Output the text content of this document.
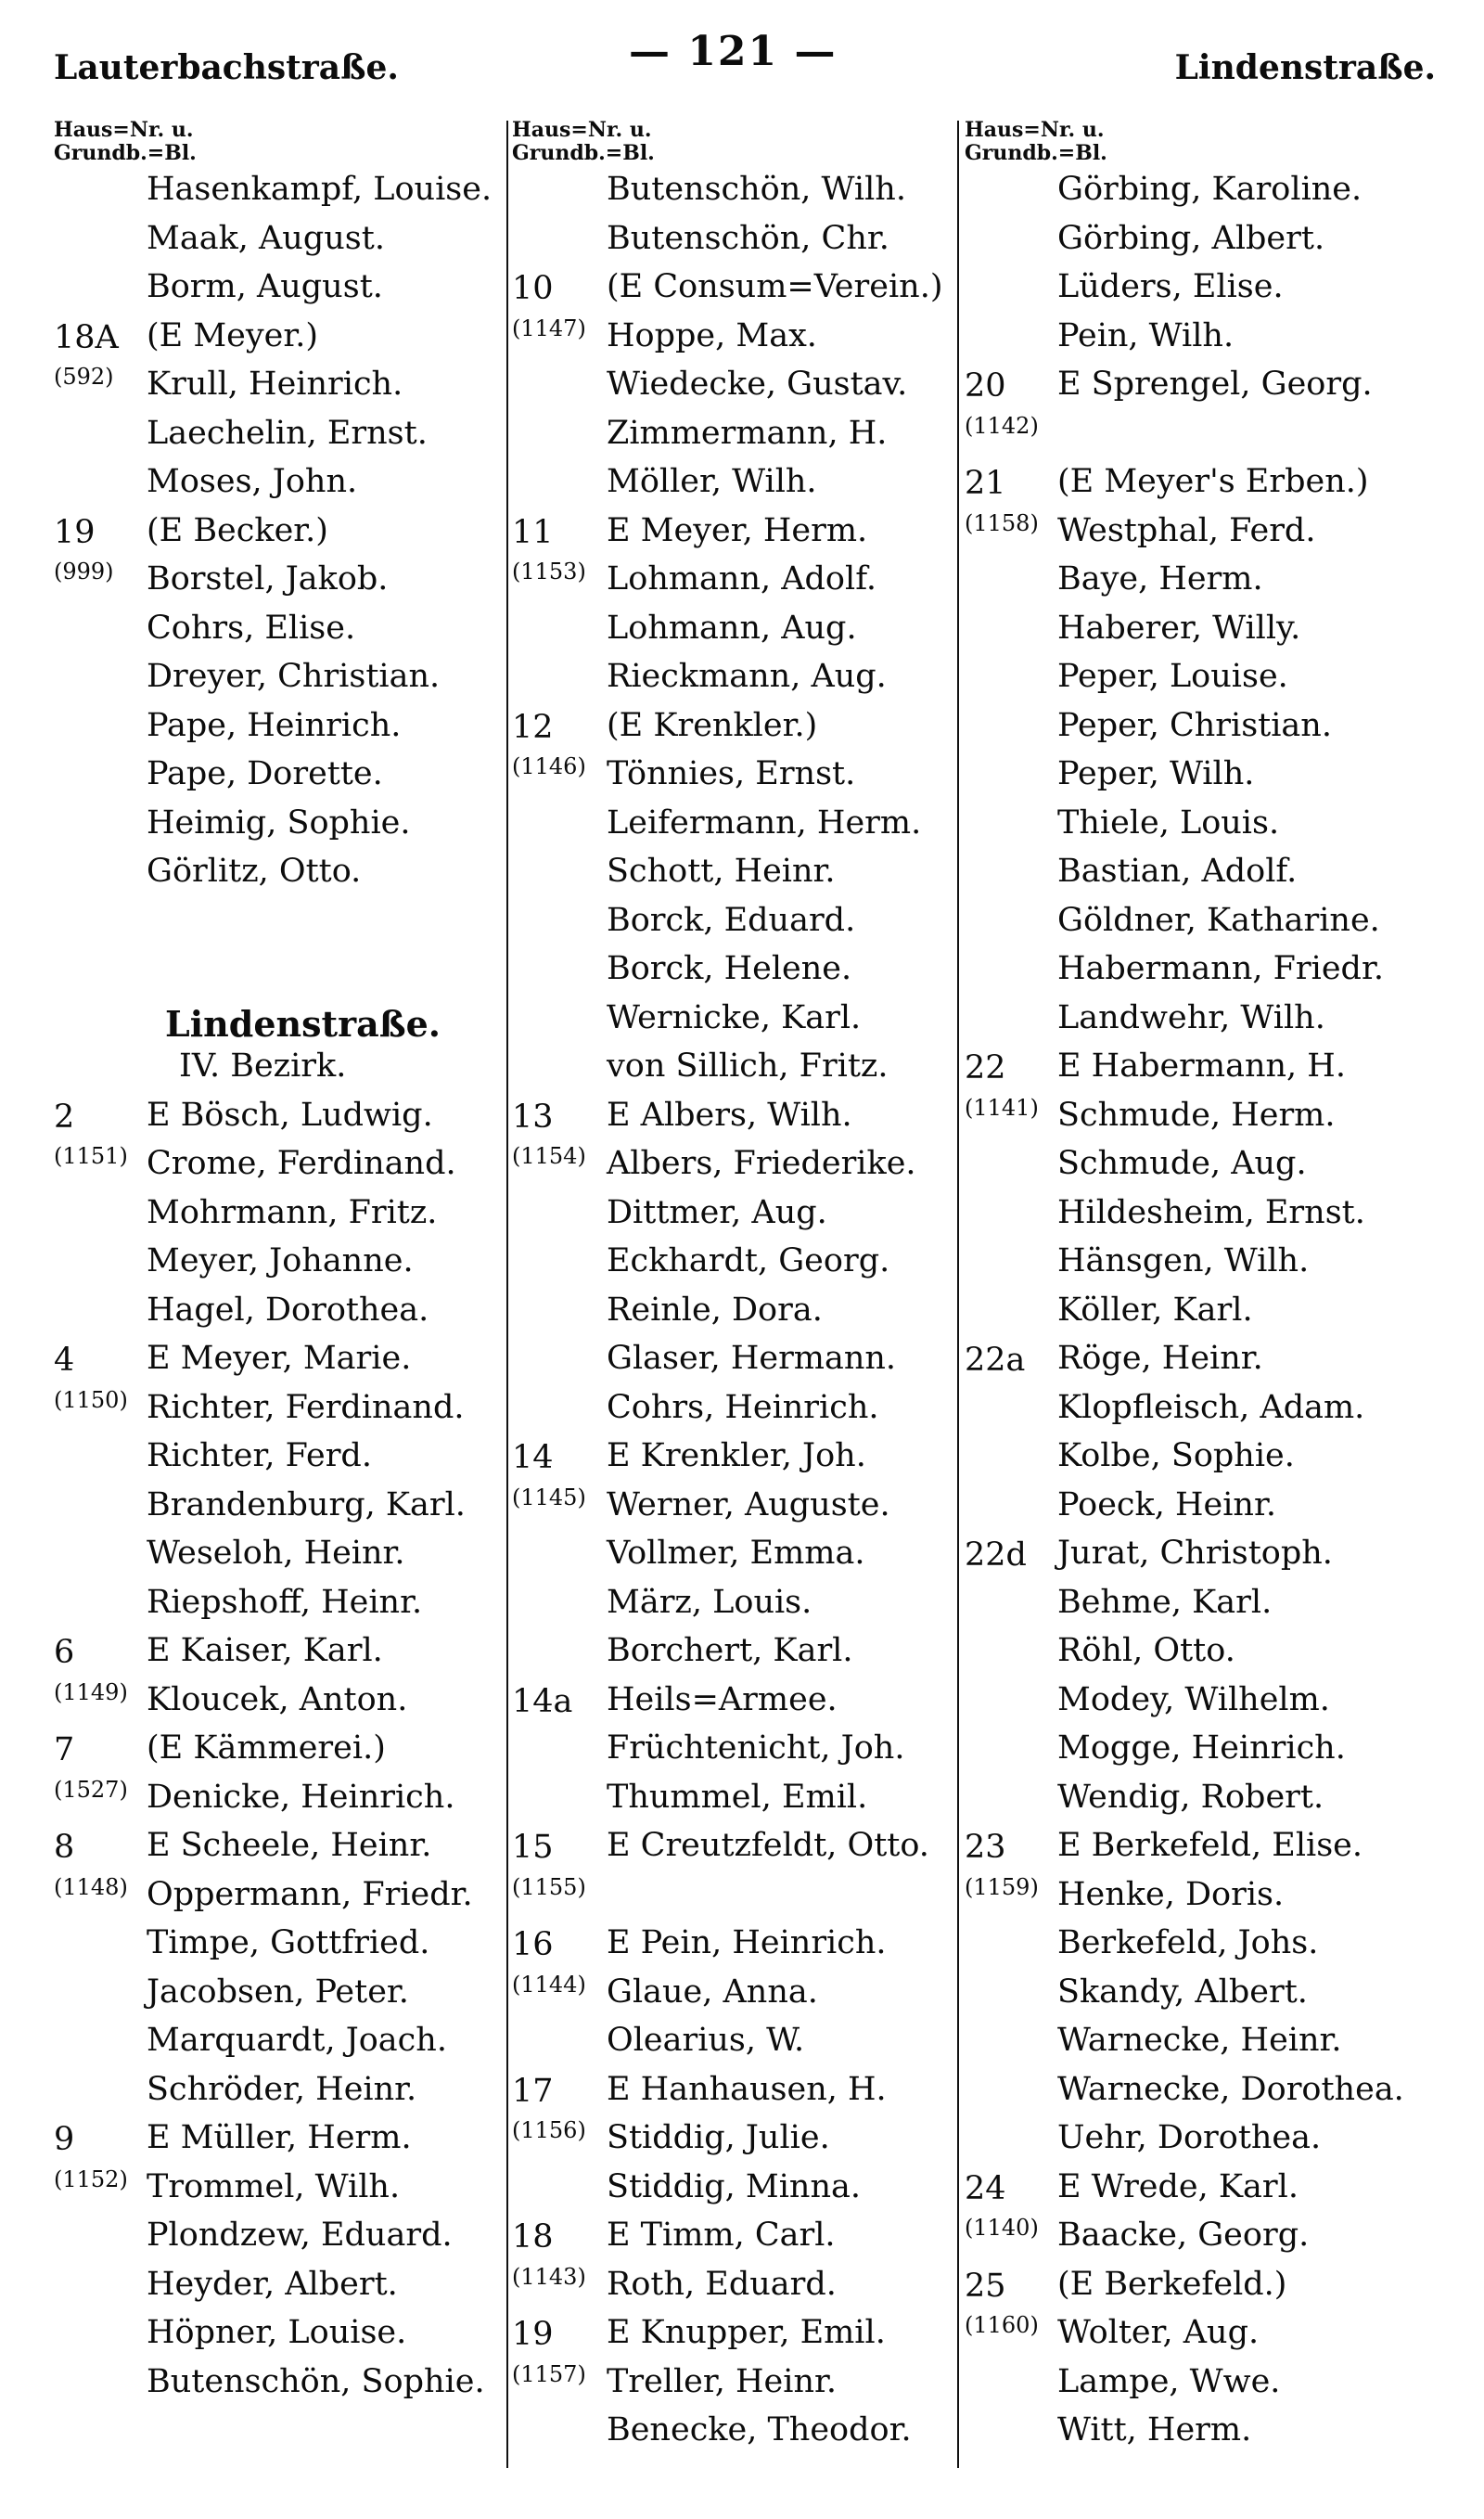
Lauterbachstraße.	— 121 —	Lindenstraße.
Haus=Nr. u.
Grundb.=Bl.
Hasenkampf, Louise.
Maak, August.
Borm, August.
18A (E Meyer.)
(592)	Krull, Heinrich.
Laechelin, Ernst.
Moses, John.
19	(E Becker.)
(999)	Borstel, Jakob.
Cohrs, Elise.
Dreyer, Christian.
Pape, Heinrich.
Pape, Dorette.
Heimig, Sophie.
Görlitz, Otto.
Lindenstraße.
IV. Bezirk.
2	E Bösch, Ludwig.
(1151) Crome, Ferdinand.
Mohrmann, Fritz.
Meyer, Johanne.
Hagel, Dorothea.
4	E Meyer, Marie.
(1150) Richter, Ferdinand.
Richter, Ferd.
Brandenburg, Karl.
Weseloh, Heinr.
Riepshoff, Heinr.
6	E Kaiser, Karl.
(1149) Kloucek, Anton.
7	(E Kämmerei.)
(1527) Denicke, Heinrich.
8	E Scheele, Heinr.
(1148) Oppermann, Friedr.
Timpe, Gottfried.
Jacobsen, Peter.
Marquardt, Joach.
Schröder, Heinr.
9	E Müller, Herm.
(1152) Trommel, Wilh.
Plondzew, Eduard.
Heyder, Albert.
Höpner, Louise.
Butenschön, Sophie.
Haus=Nr. u.
Grundb.=Bl.
Butenschön, Wilh.
Butenschön, Chr.
10	(E Consum=Verein.)
(1147) Hoppe, Max.
Wiedecke, Gustav.
Zimmermann, H.
Möller, Wilh.
11	E Meyer, Herm.
(1153) Lohmann, Adolf.
Lohmann, Aug.
Rieckmann, Aug.
12	(E Krenkler.)
(1146) Tönnies, Ernst.
Leifermann, Herm.
Schott, Heinr.
Borck, Eduard.
Borck, Helene.
Wernicke, Karl.
von Sillich, Fritz.
13	E Albers, Wilh.
(1154) Albers, Friederike.
Dittmer, Aug.
Eckhardt, Georg.
Reinle, Dora.
Glaser, Hermann.
Cohrs, Heinrich.
14	E Krenkler, Joh.
(1145) Werner, Auguste.
Vollmer, Emma.
März, Louis.
Borchert, Karl.
14a	Heils=Armee.
Früchtenicht, Joh.
Thummel, Emil.
15	E Creutzfeldt, Otto.
(1155)
16	E Pein, Heinrich.
(1144) Glaue, Anna.
Olearius, W.
17	E Hanhausen, H.
(1156) Stiddig, Julie.
Stiddig, Minna.
18	E Timm, Carl.
(1143) Roth, Eduard.
19	E Knupper, Emil.
(1157) Treller, Heinr.
Benecke, Theodor.
Haus=Nr. u.
Grundb.=Bl.
Görbing, Karoline.
Görbing, Albert.
Lüders, Elise.
Pein, Wilh.
20	E Sprengel, Georg.
(1142)
21	(E Meyer's Erben.)
(1158) Westphal, Ferd.
Baye, Herm.
Haberer, Willy.
Peper, Louise.
Peper, Christian.
Peper, Wilh.
Thiele, Louis.
Bastian, Adolf.
Göldner, Katharine.
Habermann, Friedr.
Landwehr, Wilh.
22	E Habermann, H.
(1141) Schmude, Herm.
Schmude, Aug.
Hildesheim, Ernst.
Hänsgen, Wilh.
Köller, Karl.
22a Röge, Heinr.
Klopfleisch, Adam.
Kolbe, Sophie.
Poeck, Heinr.
22d Jurat, Christoph.
Behme, Karl.
Röhl, Otto.
Modey, Wilhelm.
Mogge, Heinrich.
Wendig, Robert.
23	E Berkefeld, Elise.
(1159) Henke, Doris.
Berkefeld, Johs.
Skandy, Albert.
Warnecke, Heinr.
Warnecke, Dorothea.
Uehr, Dorothea.
24	E Wrede, Karl.
(1140) Baacke, Georg.
25	(E Berkefeld.)
(1160) Wolter, Aug.
Lampe, Wwe.
Witt, Herm.
